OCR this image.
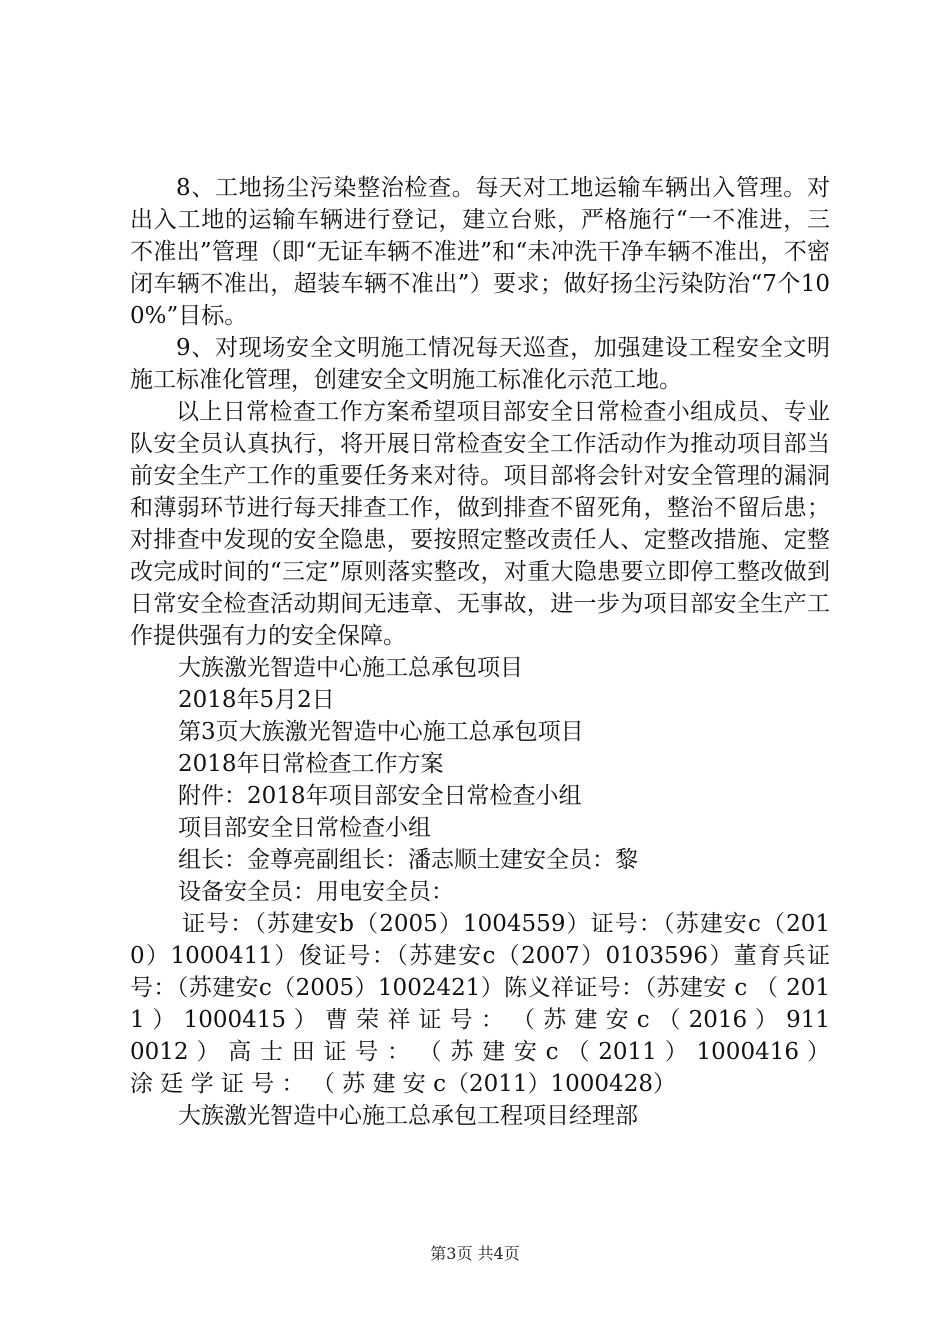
8、工地扬尘污染整治检查。每天对工地运输车辆出入管理。对出入工地的运输车辆进行登记，建立台账，严格施行“一不准进，三不准出”管理（即“无证车辆不准进”和“未冲洗干净车辆不准出，不密闭车辆不准出，超装车辆不准出”）要求；做好扬尘污染防治“7个100%”目标。

9、对现场安全文明施工情况每天巡查，加强建设工程安全文明施工标准化管理，创建安全文明施工标准化示范工地。

以上日常检查工作方案希望项目部安全日常检查小组成员、专业队安全员认真执行，将开展日常检查安全工作活动作为推动项目部当前安全生产工作的重要任务来对待。项目部将会针对安全管理的漏洞和薄弱环节进行每天排查工作，做到排查不留死角，整治不留后患；对排查中发现的安全隐患，要按照定整改责任人、定整改措施、定整改完成时间的“三定”原则落实整改，对重大隐患要立即停工整改做到日常安全检查活动期间无违章、无事故，进一步为项目部安全生产工作提供强有力的安全保障。

大族激光智造中心施工总承包项目

2018年5月2日

第3页大族激光智造中心施工总承包项目

2018年日常检查工作方案

附件：2018年项目部安全日常检查小组

项目部安全日常检查小组

组长：金尊亮副组长：潘志顺土建安全员：黎

设备安全员：用电安全员：

证号：（苏建安b（2005）1004559）证号：（苏建安c（2010）1000411）俊证号：（苏建安c（2007）0103596）董育兵证号：（苏建安c（2005）1002421）陈义祥证号：（苏建安 c （ 2011 ） 1000415 ） 曹 荣 祥 证 号 ： （ 苏 建 安 c （ 2016 ） 9110012 ） 高 士 田 证 号 ： （ 苏 建 安 c （ 2011 ） 1000416 ） 涂 廷 学 证 号 ： （ 苏 建 安 c（2011）1000428）

大族激光智造中心施工总承包工程项目经理部

第3页 共4页
